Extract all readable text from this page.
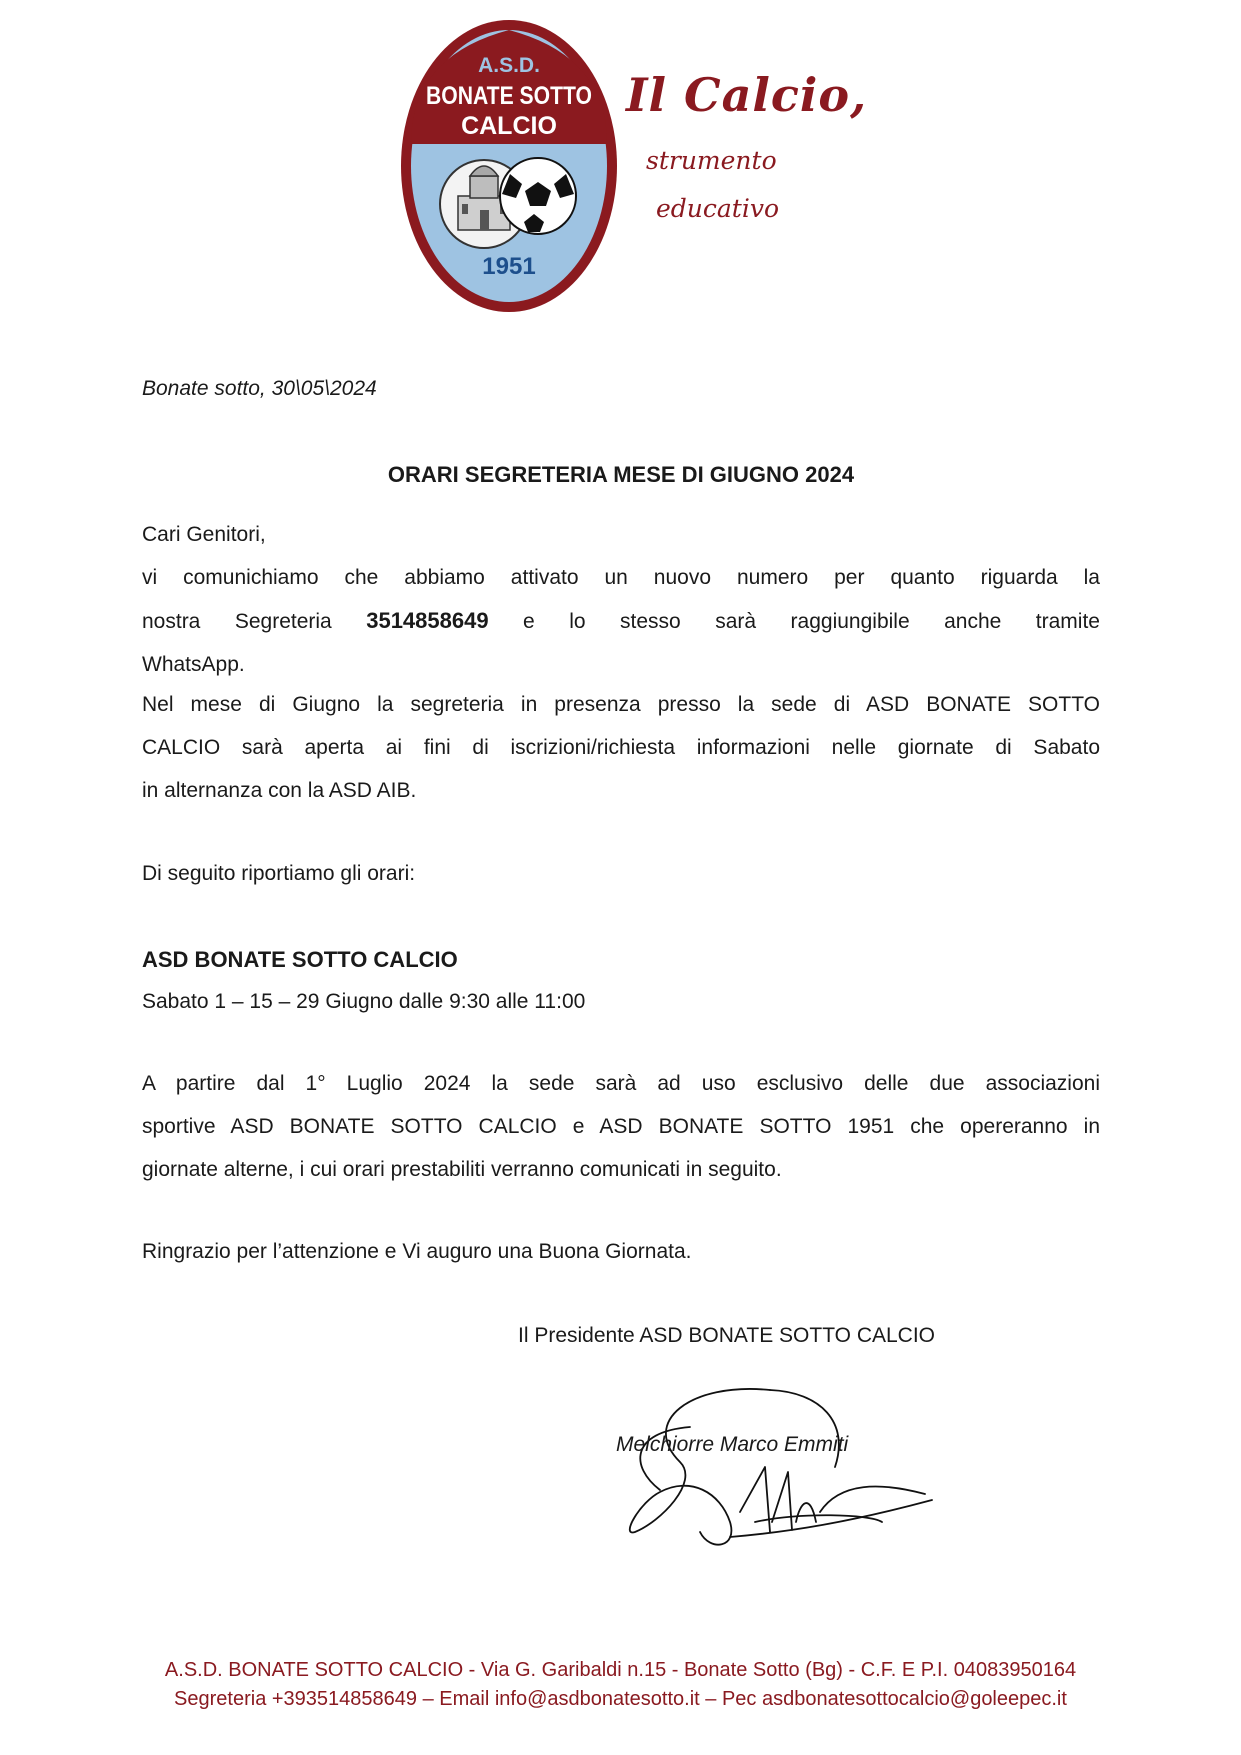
A.S.D.
BONATE SOTTO
CALCIO
1951
Il Calcio,
strumento
educativo
Bonate sotto, 30\05\2024
ORARI SEGRETERIA MESE DI GIUGNO 2024
Cari Genitori,
vi comunichiamo che abbiamo attivato un nuovo numero per quanto riguarda la
nostra Segreteria 3514858649 e lo stesso sarà raggiungibile anche tramite
WhatsApp.
Nel mese di Giugno la segreteria in presenza presso la sede di ASD BONATE SOTTO
CALCIO sarà aperta ai fini di iscrizioni/richiesta informazioni nelle giornate di Sabato
in alternanza con la ASD AIB.
Di seguito riportiamo gli orari:
ASD BONATE SOTTO CALCIO
Sabato 1 – 15 – 29 Giugno dalle 9:30 alle 11:00
A partire dal 1° Luglio 2024 la sede sarà ad uso esclusivo delle due associazioni
sportive ASD BONATE SOTTO CALCIO e ASD BONATE SOTTO 1951 che opereranno in
giornate alterne, i cui orari prestabiliti verranno comunicati in seguito.
Ringrazio per l’attenzione e Vi auguro una Buona Giornata.
Il Presidente ASD BONATE SOTTO CALCIO
Melchiorre Marco Emmiti
A.S.D. BONATE SOTTO CALCIO - Via G. Garibaldi n.15 - Bonate Sotto (Bg) - C.F. E P.I. 04083950164
Segreteria +393514858649 – Email info@asdbonatesotto.it – Pec asdbonatesottocalcio@goleepec.it
